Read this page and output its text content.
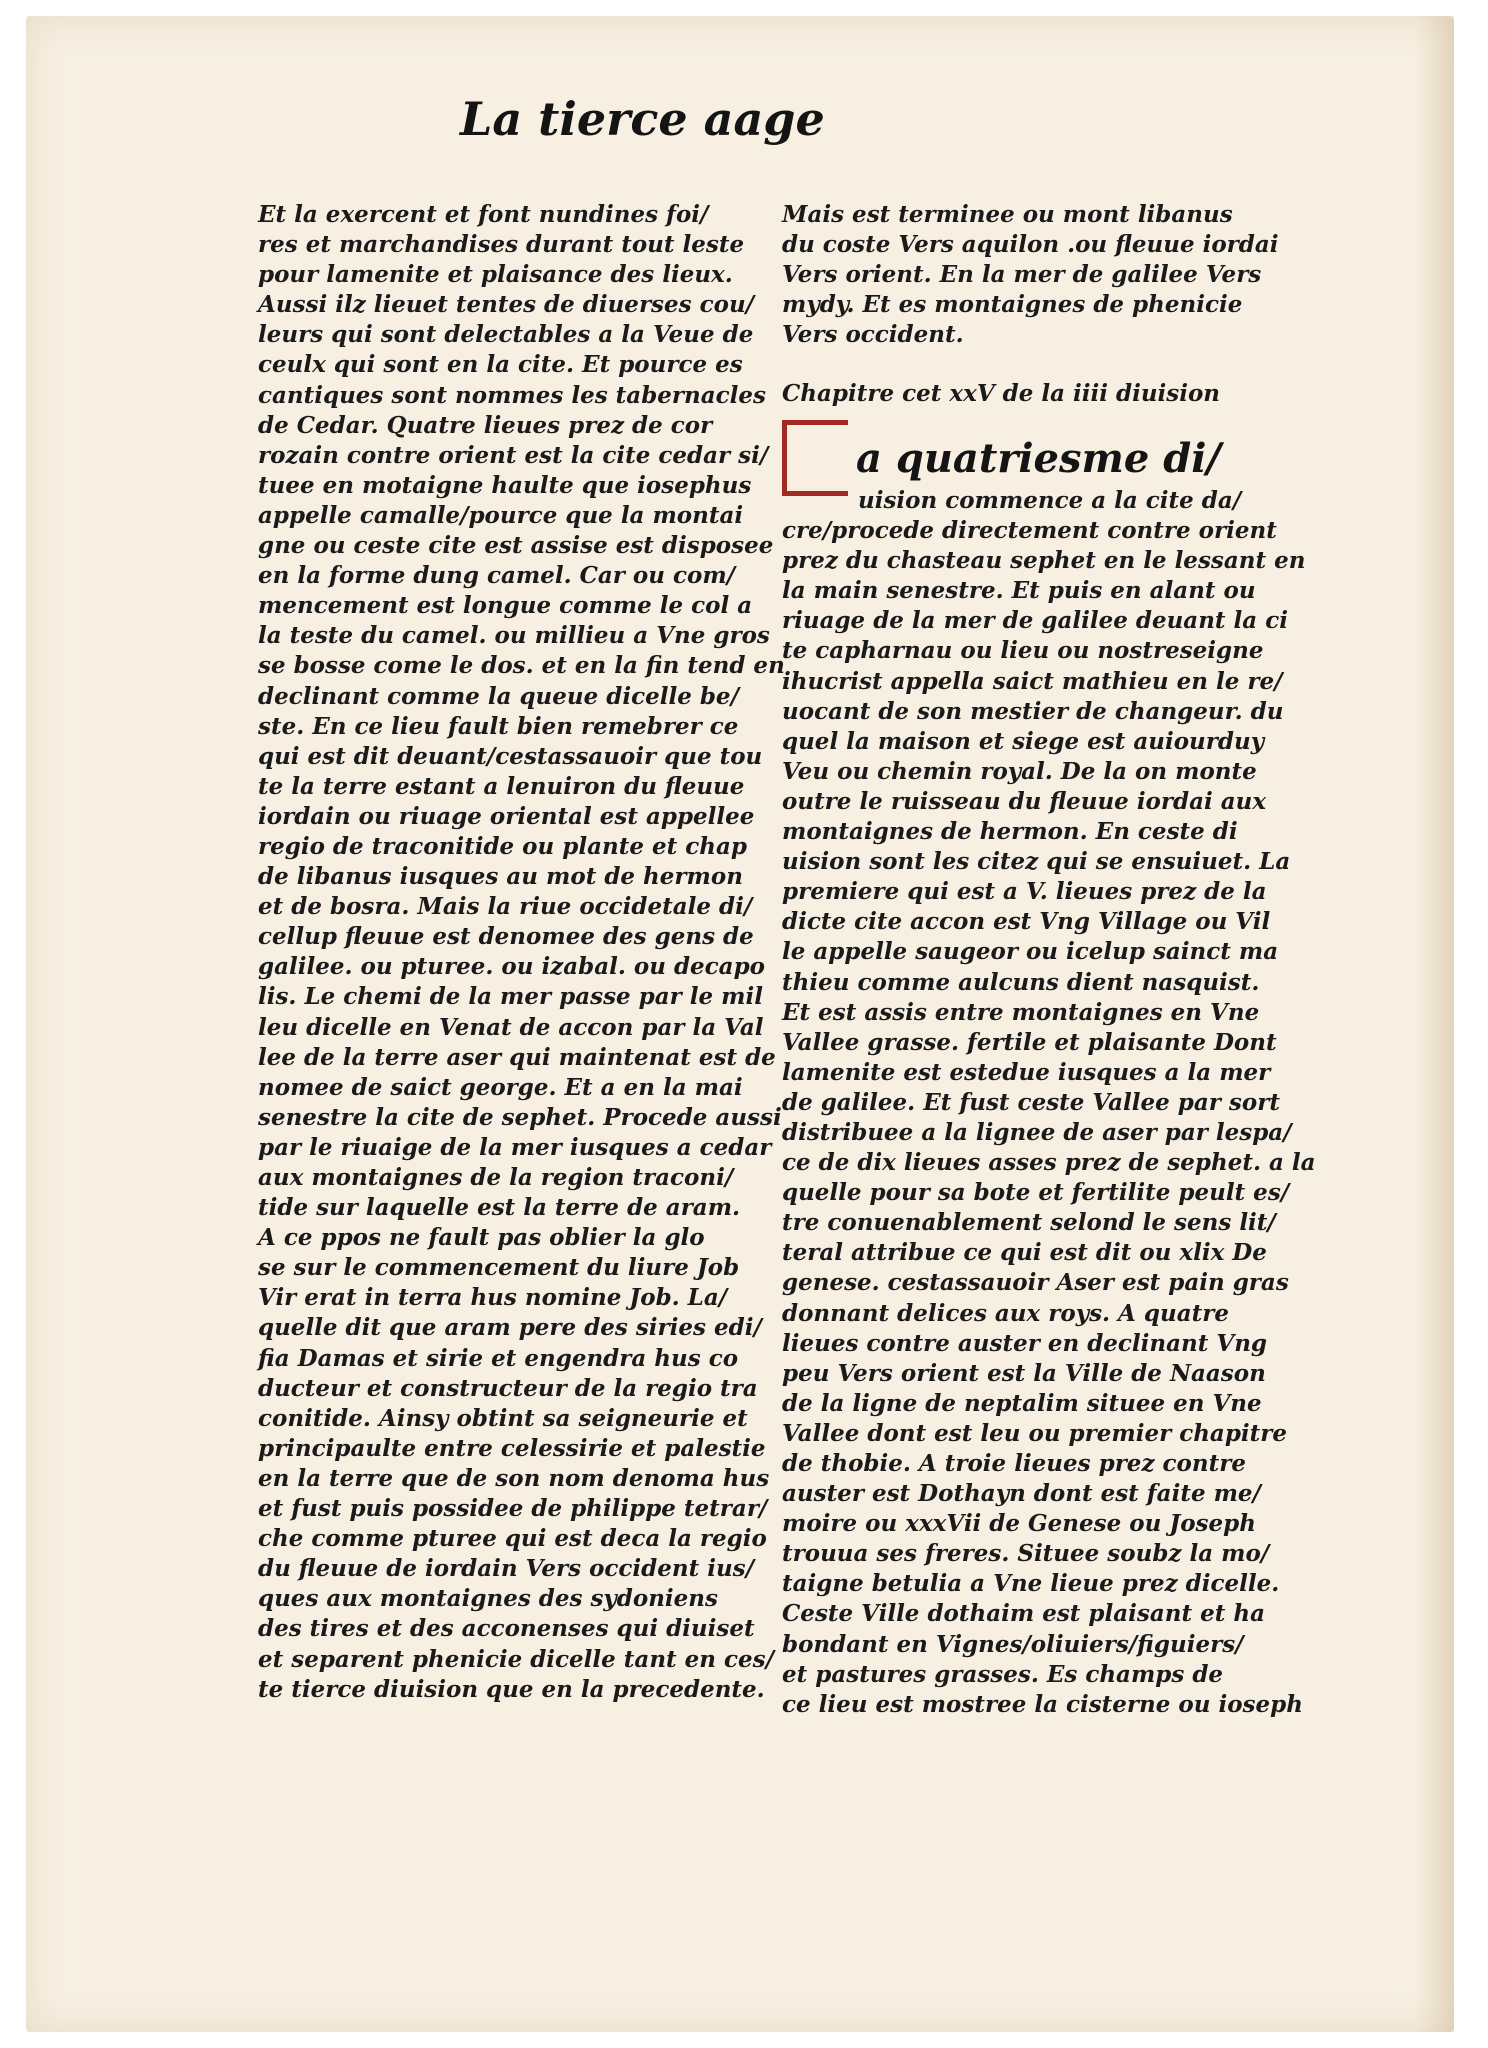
La tierce aage
Et la exercent et font nundines foi/
res et marchandises durant tout leste
pour lamenite et plaisance des lieux.
Aussi ilz lieuet tentes de diuerses cou/
leurs qui sont delectables a la Veue de
ceulx qui sont en la cite. Et pource es
cantiques sont nommes les tabernacles
de Cedar. Quatre lieues prez de cor
rozain contre orient est la cite cedar si/
tuee en motaigne haulte que iosephus
appelle camalle/pource que la montai
gne ou ceste cite est assise est disposee
en la forme dung camel. Car ou com/
mencement est longue comme le col a
la teste du camel. ou millieu a Vne gros
se bosse come le dos. et en la fin tend en
declinant comme la queue dicelle be/
ste. En ce lieu fault bien remebrer ce
qui est dit deuant/cestassauoir que tou
te la terre estant a lenuiron du fleuue
iordain ou riuage oriental est appellee
regio de traconitide ou plante et chap
de libanus iusques au mot de hermon
et de bosra. Mais la riue occidetale di/
cellup fleuue est denomee des gens de
galilee. ou pturee. ou izabal. ou decapo
lis. Le chemi de la mer passe par le mil
leu dicelle en Venat de accon par la Val
lee de la terre aser qui maintenat est de
nomee de saict george. Et a en la mai
senestre la cite de sephet. Procede aussi
par le riuaige de la mer iusques a cedar
aux montaignes de la region traconi/
tide sur laquelle est la terre de aram.
A ce ppos ne fault pas oblier la glo
se sur le commencement du liure Job
Vir erat in terra hus nomine Job. La/
quelle dit que aram pere des siries edi/
fia Damas et sirie et engendra hus co
ducteur et constructeur de la regio tra
conitide. Ainsy obtint sa seigneurie et
principaulte entre celessirie et palestie
en la terre que de son nom denoma hus
et fust puis possidee de philippe tetrar/
che comme pturee qui est deca la regio
du fleuue de iordain Vers occident ius/
ques aux montaignes des sydoniens
des tires et des acconenses qui diuiset
et separent phenicie dicelle tant en ces/
te tierce diuision que en la precedente.
Mais est terminee ou mont libanus
du coste Vers aquilon .ou fleuue iordai
Vers orient. En la mer de galilee Vers
mydy. Et es montaignes de phenicie
Vers occident.
Chapitre cet xxV de la iiii diuision
a quatriesme di/
uision commence a la cite da/
cre/procede directement contre orient
prez du chasteau sephet en le lessant en
la main senestre. Et puis en alant ou
riuage de la mer de galilee deuant la ci
te capharnau ou lieu ou nostreseigne
ihucrist appella saict mathieu en le re/
uocant de son mestier de changeur. du
quel la maison et siege est auiourduy
Veu ou chemin royal. De la on monte
outre le ruisseau du fleuue iordai aux
montaignes de hermon. En ceste di
uision sont les citez qui se ensuiuet. La
premiere qui est a V. lieues prez de la
dicte cite accon est Vng Village ou Vil
le appelle saugeor ou icelup sainct ma
thieu comme aulcuns dient nasquist.
Et est assis entre montaignes en Vne
Vallee grasse. fertile et plaisante Dont
lamenite est estedue iusques a la mer
de galilee. Et fust ceste Vallee par sort
distribuee a la lignee de aser par lespa/
ce de dix lieues asses prez de sephet. a la
quelle pour sa bote et fertilite peult es/
tre conuenablement selond le sens lit/
teral attribue ce qui est dit ou xlix De
genese. cestassauoir Aser est pain gras
donnant delices aux roys. A quatre
lieues contre auster en declinant Vng
peu Vers orient est la Ville de Naason
de la ligne de neptalim situee en Vne
Vallee dont est leu ou premier chapitre
de thobie. A troie lieues prez contre
auster est Dothayn dont est faite me/
moire ou xxxVii de Genese ou Joseph
trouua ses freres. Situee soubz la mo/
taigne betulia a Vne lieue prez dicelle.
Ceste Ville dothaim est plaisant et ha
bondant en Vignes/oliuiers/figuiers/
et pastures grasses. Es champs de
ce lieu est mostree la cisterne ou ioseph
